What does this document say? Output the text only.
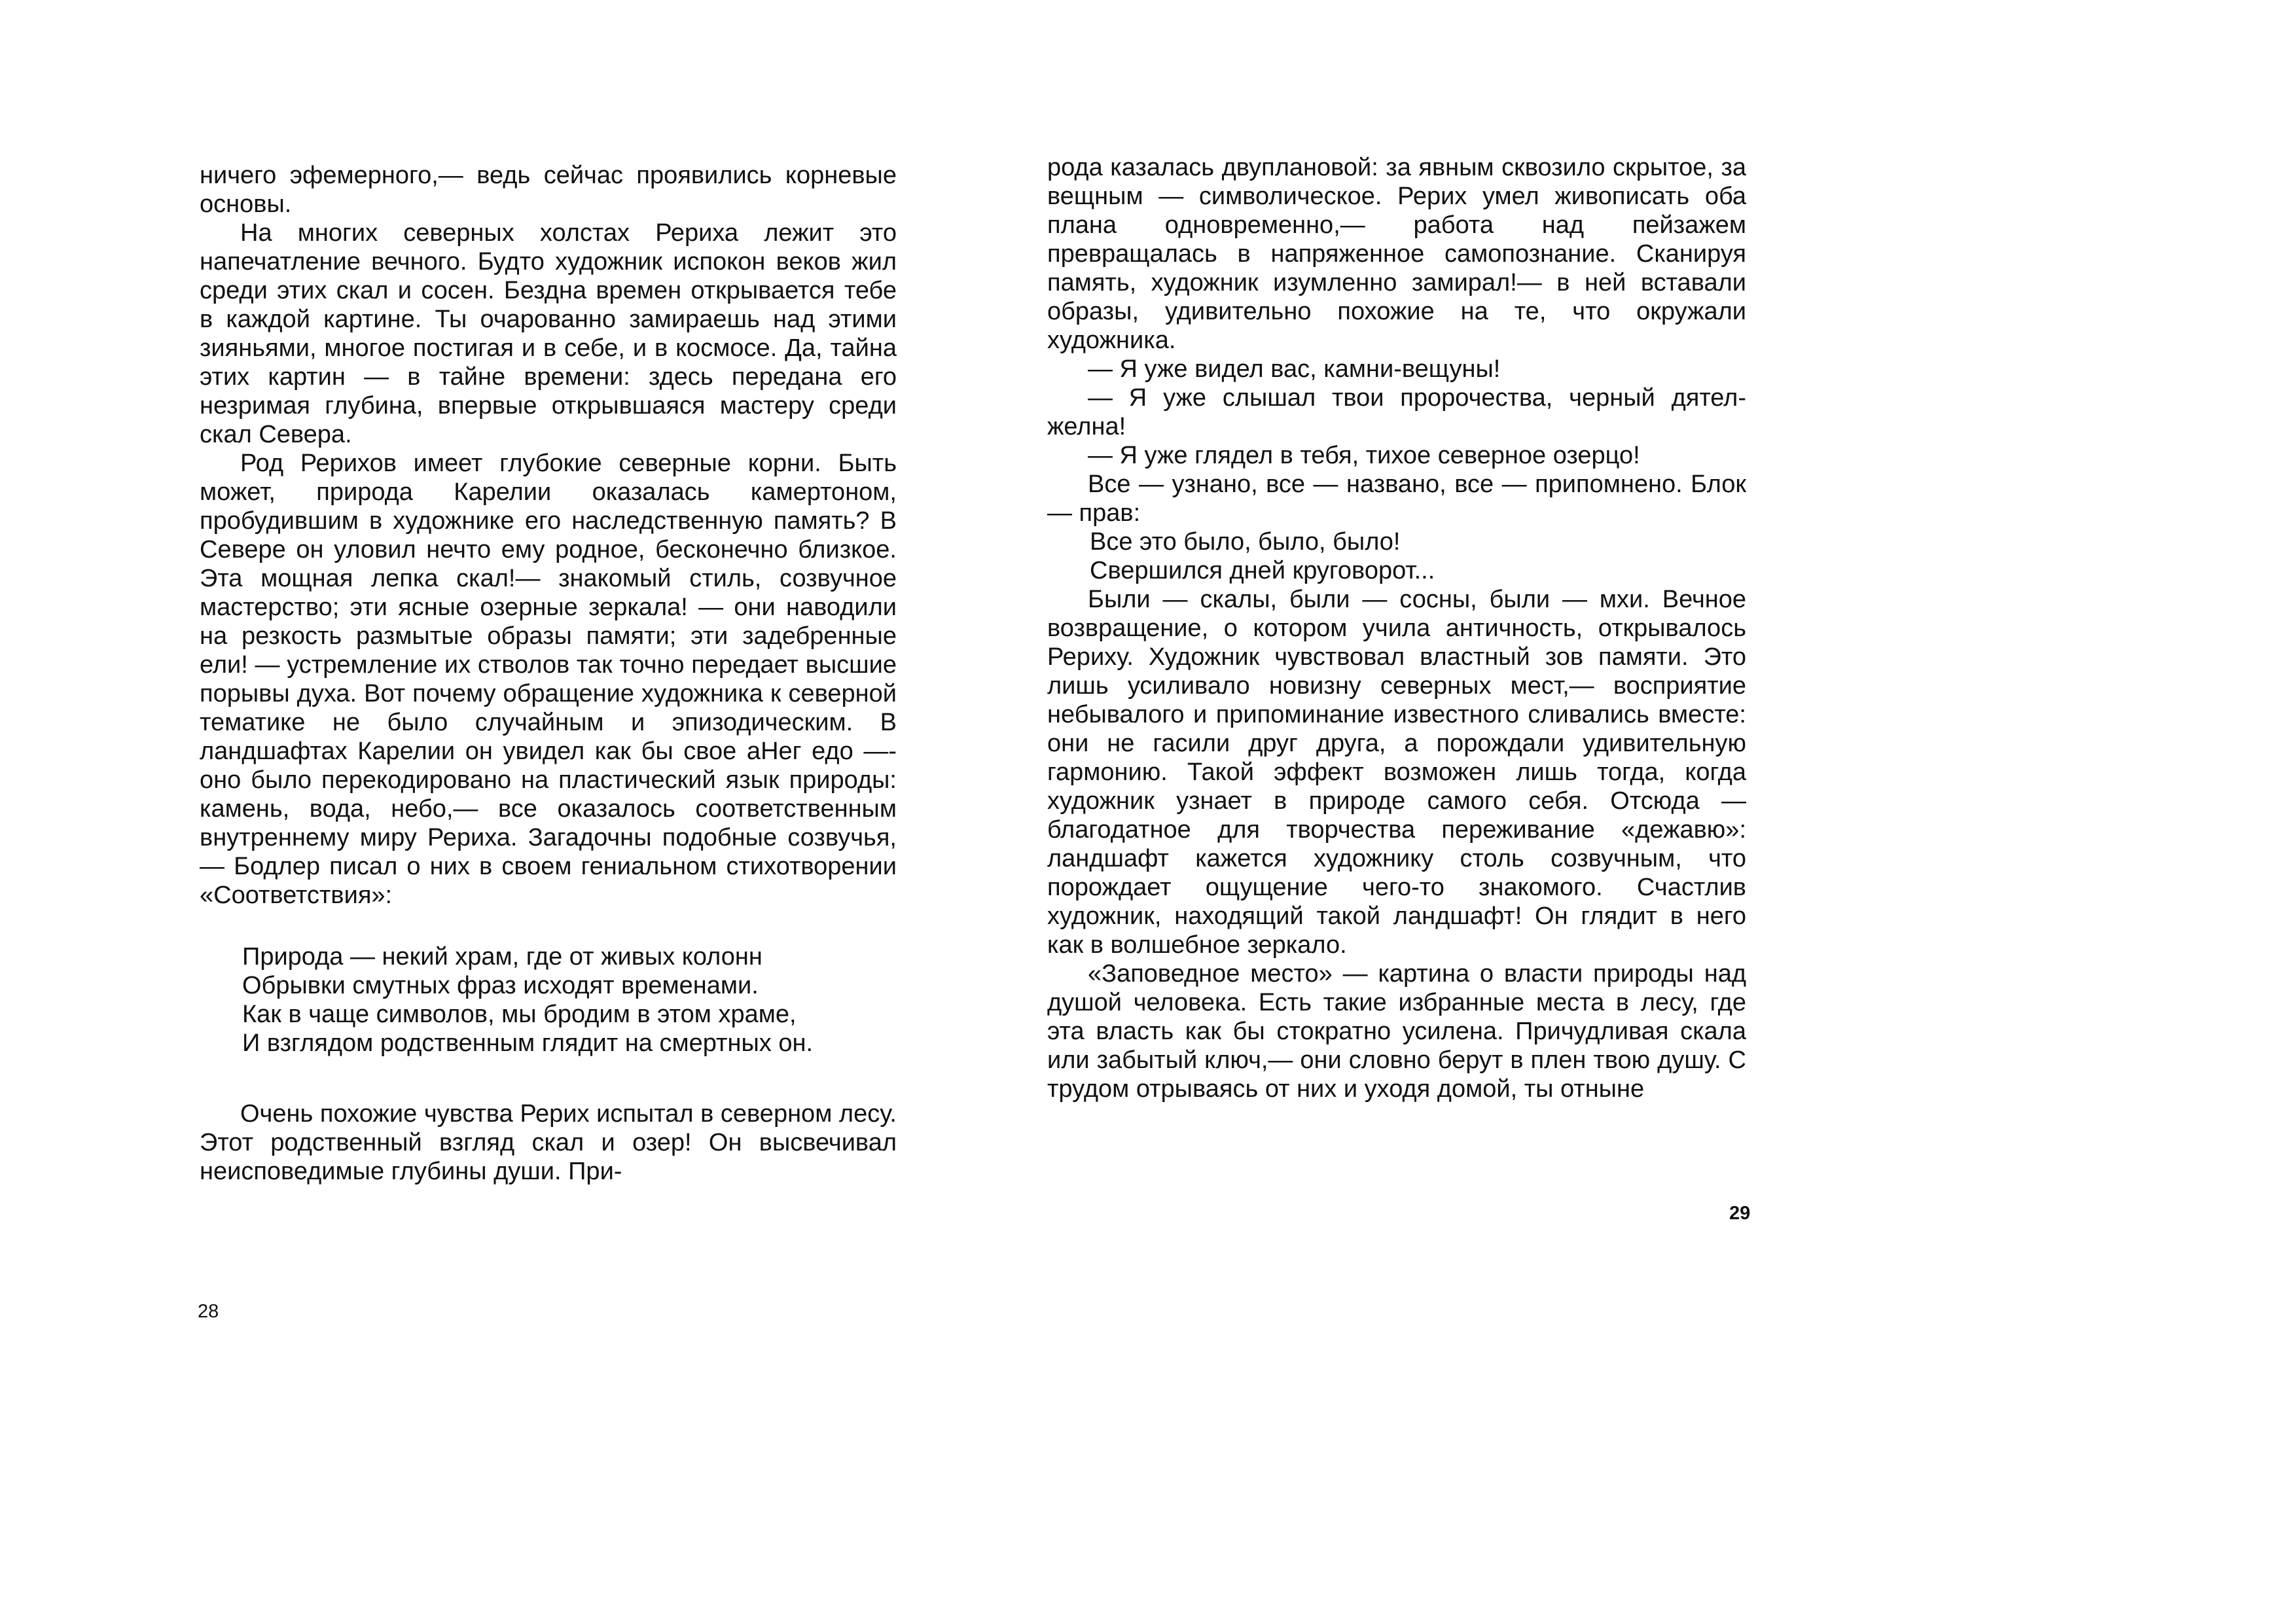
ничего эфемерного,— ведь сейчас проявились корневые основы.

На многих северных холстах Рериха лежит это напечатление вечного. Будто художник испокон веков жил среди этих скал и сосен. Бездна времен открывается тебе в каждой картине. Ты очарованно замираешь над этими зияньями, многое постигая и в себе, и в космосе. Да, тайна этих картин — в тайне времени: здесь передана его незримая глубина, впервые открывшаяся мастеру среди скал Севера.

Род Рерихов имеет глубокие северные корни. Быть может, природа Карелии оказалась камертоном, пробудившим в художнике его наследственную память? В Севере он уловил нечто ему родное, бесконечно близкое. Эта мощная лепка скал!— знакомый стиль, созвучное мастерство; эти ясные озерные зеркала! — они наводили на резкость размытые образы памяти; эти задебренные ели! — устремление их стволов так точно передает высшие порывы духа. Вот почему обращение художника к северной тематике не было случайным и эпизодическим. В ландшафтах Карелии он увидел как бы свое аНег едо —- оно было перекодировано на пластический язык природы: камень, вода, небо,— все оказалось соответственным внутреннему миру Рериха. Загадочны подобные созвучья,— Бодлер писал о них в своем гениальном стихотворении «Соответствия»:

Природа — некий храм, где от живых колонн
Обрывки смутных фраз исходят временами.
Как в чаще символов, мы бродим в этом храме,
И взглядом родственным глядит на смертных он.

Очень похожие чувства Рерих испытал в северном лесу. Этот родственный взгляд скал и озер! Он высвечивал неисповедимые глубины души. При-

28

рода казалась двуплановой: за явным сквозило скрытое, за вещным — символическое. Рерих умел живописать оба плана одновременно,— работа над пейзажем превращалась в напряженное самопознание. Сканируя память, художник изумленно замирал!— в ней вставали образы, удивительно похожие на те, что окружали художника.

— Я уже видел вас, камни-вещуны!

— Я уже слышал твои пророчества, черный дятел-желна!

— Я уже глядел в тебя, тихое северное озерцо!

Все — узнано, все — названо, все — припомнено. Блок — прав:

Все это было, было, было!
Свершился дней круговорот...

Были — скалы, были — сосны, были — мхи. Вечное возвращение, о котором учила античность, открывалось Рериху. Художник чувствовал властный зов памяти. Это лишь усиливало новизну северных мест,— восприятие небывалого и припоминание известного сливались вместе: они не гасили друг друга, а порождали удивительную гармонию. Такой эффект возможен лишь тогда, когда художник узнает в природе самого себя. Отсюда — благодатное для творчества переживание «дежавю»: ландшафт кажется художнику столь созвучным, что порождает ощущение чего-то знакомого. Счастлив художник, находящий такой ландшафт! Он глядит в него как в волшебное зеркало.

«Заповедное место» — картина о власти природы над душой человека. Есть такие избранные места в лесу, где эта власть как бы стократно усилена. Причудливая скала или забытый ключ,— они словно берут в плен твою душу. С трудом отрываясь от них и уходя домой, ты отныне

29
